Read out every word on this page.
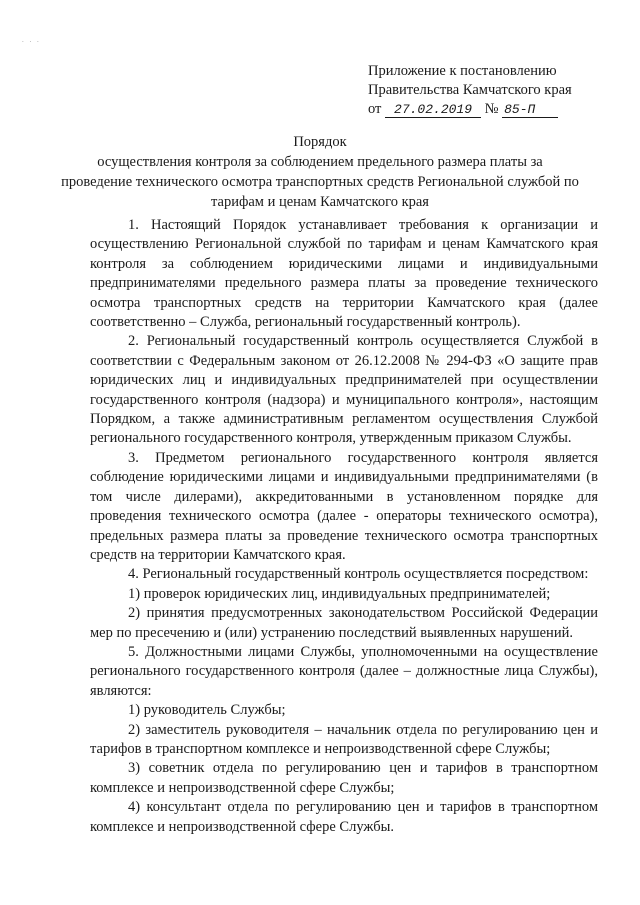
. . .
Приложение к постановлению
Правительства Камчатского края
от 27.02.2019 № 85-П

Порядок

осуществления контроля за соблюдением предельного размера платы за проведение технического осмотра транспортных средств Региональной службой по тарифам и ценам Камчатского края

1. Настоящий Порядок устанавливает требования к организации и осуществлению Региональной службой по тарифам и ценам Камчатского края контроля за соблюдением юридическими лицами и индивидуальными предпринимателями предельного размера платы за проведение технического осмотра транспортных средств на территории Камчатского края (далее соответственно – Служба, региональный государственный контроль).

2. Региональный государственный контроль осуществляется Службой в соответствии с Федеральным законом от 26.12.2008 № 294-ФЗ «О защите прав юридических лиц и индивидуальных предпринимателей при осуществлении государственного контроля (надзора) и муниципального контроля», настоящим Порядком, а также административным регламентом осуществления Службой регионального государственного контроля, утвержденным приказом Службы.

3. Предметом регионального государственного контроля является соблюдение юридическими лицами и индивидуальными предпринимателями (в том числе дилерами), аккредитованными в установленном порядке для проведения технического осмотра (далее - операторы технического осмотра), предельных размера платы за проведение технического осмотра транспортных средств на территории Камчатского края.

4. Региональный государственный контроль осуществляется посредством:

1) проверок юридических лиц, индивидуальных предпринимателей;

2) принятия предусмотренных законодательством Российской Федерации мер по пресечению и (или) устранению последствий выявленных нарушений.

5. Должностными лицами Службы, уполномоченными на осуществление регионального государственного контроля (далее – должностные лица Службы), являются:

1) руководитель Службы;

2) заместитель руководителя – начальник отдела по регулированию цен и тарифов в транспортном комплексе и непроизводственной сфере Службы;

3) советник отдела по регулированию цен и тарифов в транспортном комплексе и непроизводственной сфере Службы;

4) консультант отдела по регулированию цен и тарифов в транспортном комплексе и непроизводственной сфере Службы.
